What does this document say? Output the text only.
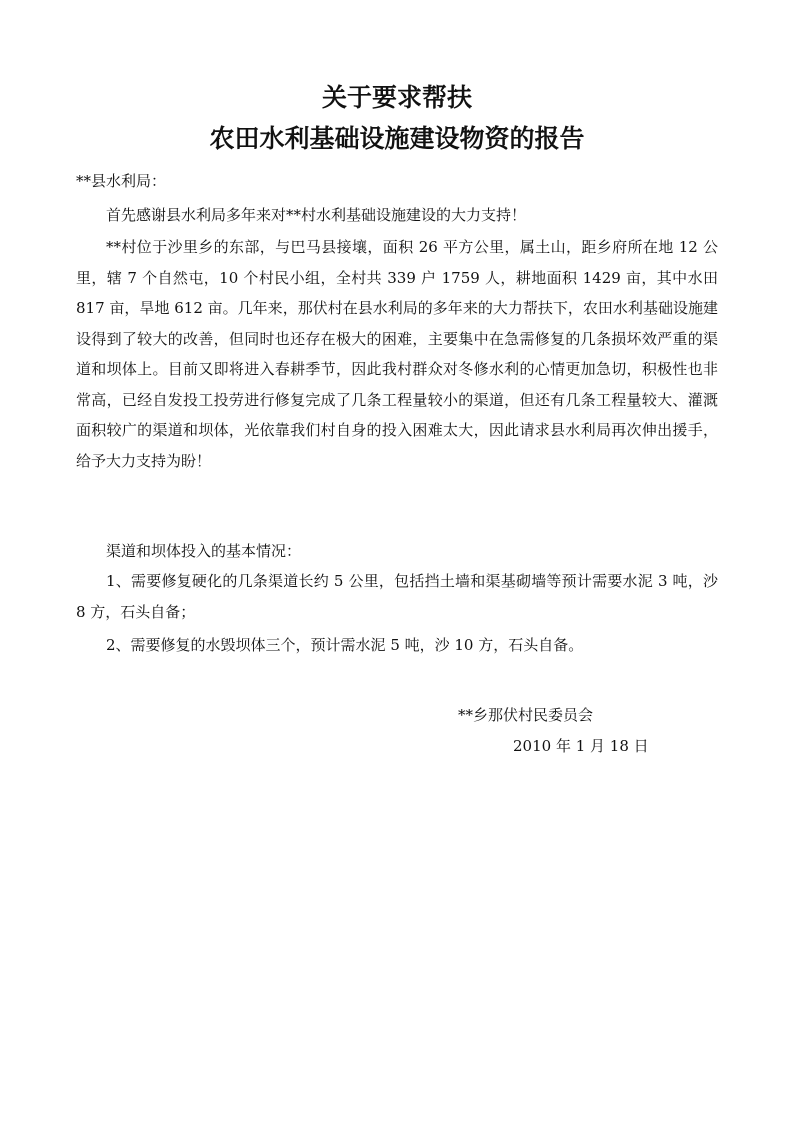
关于要求帮扶
农田水利基础设施建设物资的报告

**县水利局：

首先感谢县水利局多年来对**村水利基础设施建设的大力支持！

**村位于沙里乡的东部，与巴马县接壤，面积 26 平方公里，属土山，距乡府所在地 12 公里，辖 7 个自然屯，10 个村民小组，全村共 339 户 1759 人，耕地面积 1429 亩，其中水田 817 亩，旱地 612 亩。几年来，那伏村在县水利局的多年来的大力帮扶下，农田水利基础设施建设得到了较大的改善，但同时也还存在极大的困难，主要集中在急需修复的几条损坏效严重的渠道和坝体上。目前又即将进入春耕季节，因此我村群众对冬修水利的心情更加急切，积极性也非常高，已经自发投工投劳进行修复完成了几条工程量较小的渠道，但还有几条工程量较大、灌溉面积较广的渠道和坝体，光依靠我们村自身的投入困难太大，因此请求县水利局再次伸出援手，给予大力支持为盼！

渠道和坝体投入的基本情况：

1、需要修复硬化的几条渠道长约 5 公里，包括挡土墙和渠基砌墙等预计需要水泥 3 吨，沙 8 方，石头自备；

2、需要修复的水毁坝体三个，预计需水泥 5 吨，沙 10 方，石头自备。

**乡那伏村民委员会

2010 年 1 月 18 日
